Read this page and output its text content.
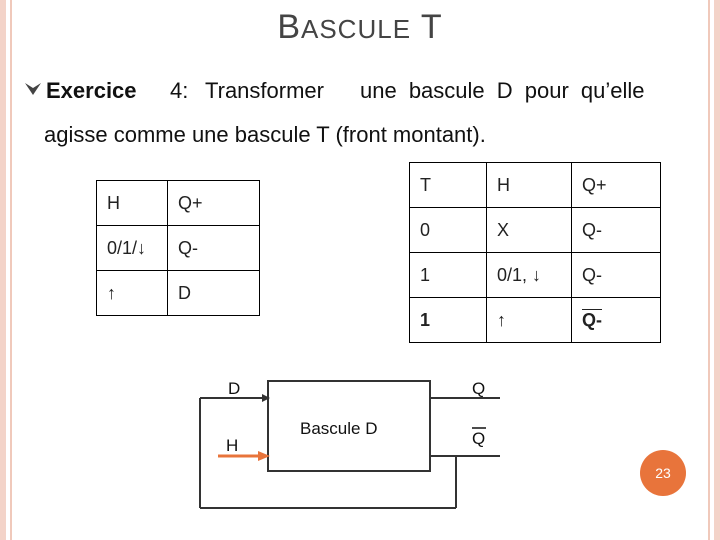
BASCULE T
Exercice 4: Transformer une bascule D pour qu’elle
agisse comme une bascule T (front montant).
H	Q+
0/1/↓	Q-
↑	D
T	H	Q+
0	X	Q-
1	0/1, ↓	Q-
1	↑	Q-
D
H
Bascule D
Q
Q
23
